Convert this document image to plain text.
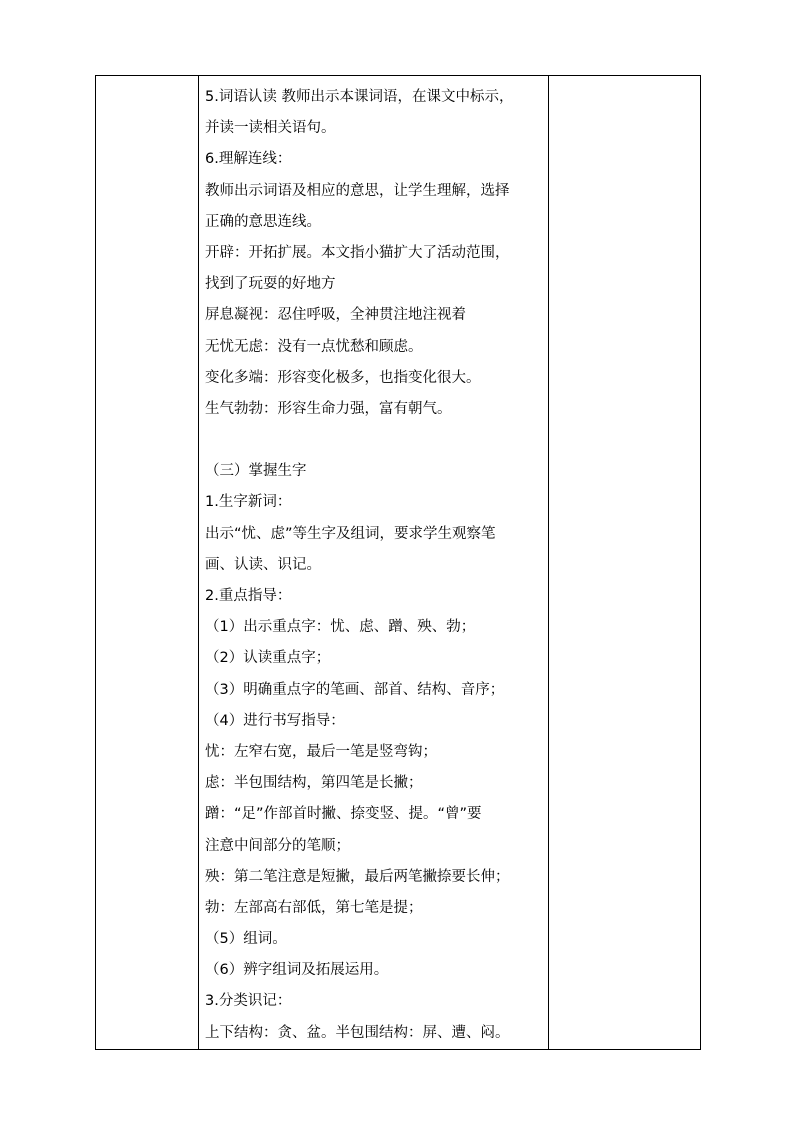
5.词语认读 教师出示本课词语，在课文中标示，
并读一读相关语句。
6.理解连线：
教师出示词语及相应的意思，让学生理解，选择
正确的意思连线。
开辟：开拓扩展。本文指小猫扩大了活动范围，
找到了玩耍的好地方
屏息凝视：忍住呼吸，全神贯注地注视着
无忧无虑：没有一点忧愁和顾虑。
变化多端：形容变化极多，也指变化很大。
生气勃勃：形容生命力强，富有朝气。
（三）掌握生字
1.生字新词：
出示“忧、虑”等生字及组词，要求学生观察笔
画、认读、识记。
2.重点指导：
（1）出示重点字：忧、虑、蹭、殃、勃；
（2）认读重点字；
（3）明确重点字的笔画、部首、结构、音序；
（4）进行书写指导：
忧：左窄右宽，最后一笔是竖弯钩；
虑：半包围结构，第四笔是长撇；
蹭：“足”作部首时撇、捺变竖、提。“曾”要
注意中间部分的笔顺；
殃：第二笔注意是短撇，最后两笔撇捺要长伸；
勃：左部高右部低，第七笔是提；
（5）组词。
（6）辨字组词及拓展运用。
3.分类识记：
上下结构：贪、盆。半包围结构：屏、遭、闷。
